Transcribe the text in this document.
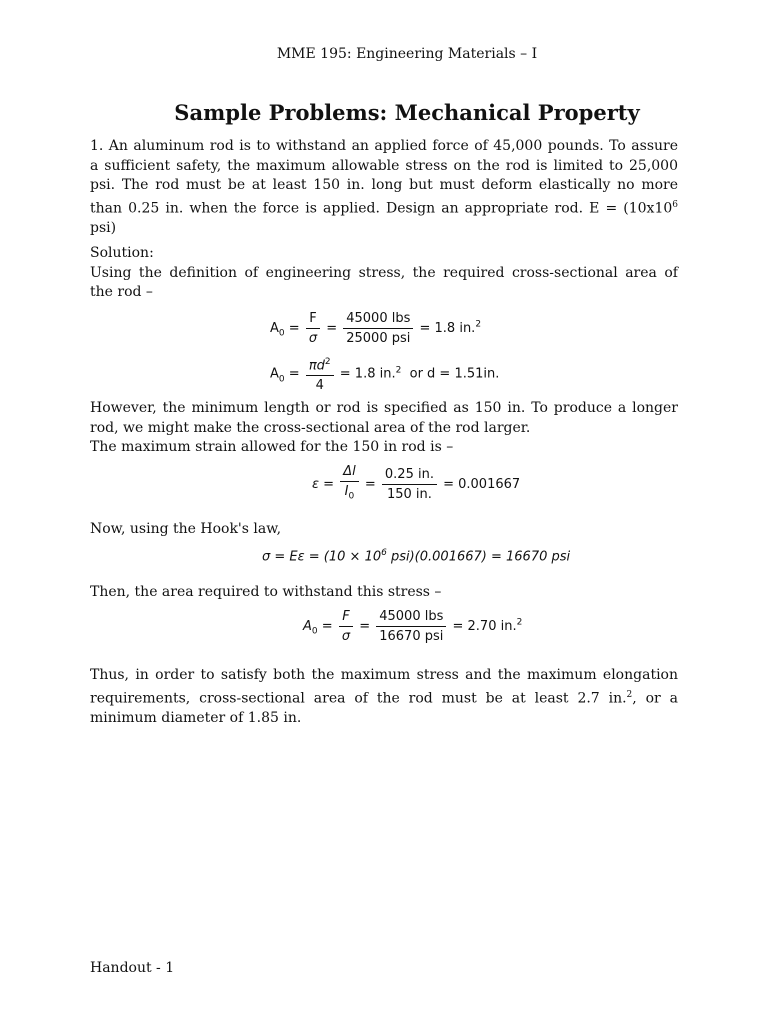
MME 195: Engineering Materials – I
Sample Problems: Mechanical Property
1. An aluminum rod is to withstand an applied force of 45,000 pounds. To assure
a sufficient safety, the maximum allowable stress on the rod is limited to 25,000
psi. The rod must be at least 150 in. long but must deform elastically no more
than 0.25 in. when the force is applied. Design an appropriate rod. $E = (10x10^6$
psi)
Solution:
Using the definition of engineering stress, the required cross-sectional area of
the rod –
$A_0 = \frac{F}{\sigma} = \frac{\text{45000 lbs}}{\text{25000 psi}} = 1.8$ in.$^2$
$A_0 = \frac{\pi d^2}{4} = 1.8$ in.$^2$ or d = 1.51in.
However, the minimum length or rod is specified as 150 in. To produce a longer
rod, we might make the cross-sectional area of the rod larger.
The maximum strain allowed for the 150 in rod is –
$\varepsilon = \frac{\Delta l}{I_0} = \frac{0.25 in.}{150 in.} = 0.001667$
Now, using the Hook's law,
$\sigma = E\varepsilon = (10 \times 10^6$ psi)(0.001667) = 16670 psi
Then, the area required to withstand this stress –
$A_0 = \frac{F}{\sigma} = \frac{\text{45000 lbs}}{\text{16670 psi}} = 2.70$ in.$^2$
Thus, in order to satisfy both the maximum stress and the maximum elongation
requirements, cross-sectional area of the rod must be at least 2.7 in.$^2$, or a
minimum diameter of 1.85 in.
Handout - 1
